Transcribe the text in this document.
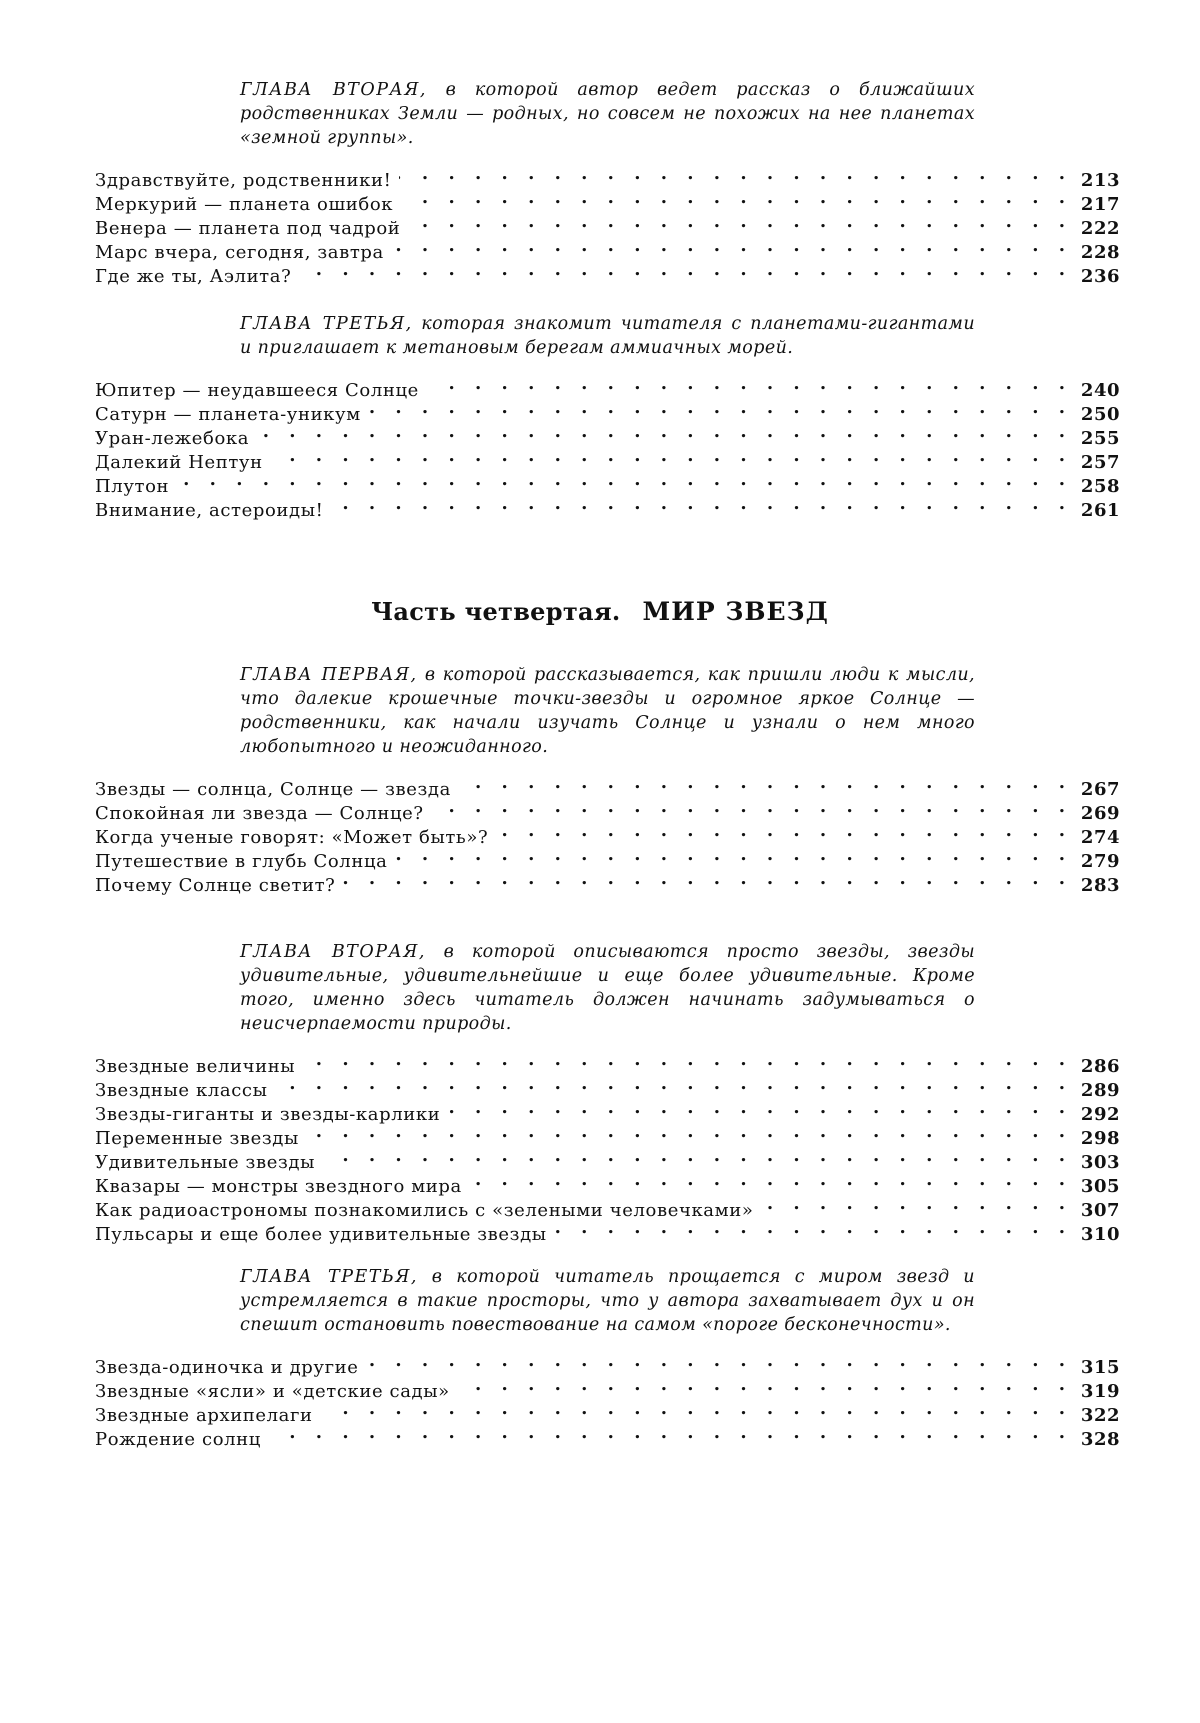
ГЛАВА ВТОРАЯ, в которой автор ведет рассказ о ближайших родственниках Земли — родных, но совсем не похожих на нее планетах «земной группы».

Здравствуйте, родственники! . . .	213
Меркурий — планета ошибок . . .	217
Венера — планета под чадрой . . .	222
Марс вчера, сегодня, завтра . . .	228
Где же ты, Аэлита? . . .	236

ГЛАВА ТРЕТЬЯ, которая знакомит читателя с планетами-гигантами и приглашает к метановым берегам аммиачных морей.

Юпитер — неудавшееся Солнце . . .	240
Сатурн — планета-уникум . . .	250
Уран-лежебока . . .	255
Далекий Нептун . . .	257
Плутон . . .	258
Внимание, астероиды! . . .	261
Часть четвертая. МИР ЗВЕЗД

ГЛАВА ПЕРВАЯ, в которой рассказывается, как пришли люди к мысли, что далекие крошечные точки-звезды и огромное яркое Солнце — родственники, как начали изучать Солнце и узнали о нем много любопытного и неожиданного.

Звезды — солнца, Солнце — звезда . . .	267
Спокойная ли звезда — Солнце? . . .	269
Когда ученые говорят: «Может быть»? . . .	274
Путешествие в глубь Солнца . . .	279
Почему Солнце светит? . . .	283

ГЛАВА ВТОРАЯ, в которой описываются просто звезды, звезды удивительные, удивительнейшие и еще более удивительные. Кроме того, именно здесь читатель должен начинать задумываться о неисчерпаемости природы.

Звездные величины . . .	286
Звездные классы . . .	289
Звезды-гиганты и звезды-карлики . . .	292
Переменные звезды . . .	298
Удивительные звезды . . .	303
Квазары — монстры звездного мира . . .	305
Как радиоастрономы познакомились с «зелеными человечками» . . .	307
Пульсары и еще более удивительные звезды . . .	310

ГЛАВА ТРЕТЬЯ, в которой читатель прощается с миром звезд и устремляется в такие просторы, что у автора захватывает дух и он спешит остановить повествование на самом «пороге бесконечности».

Звезда-одиночка и другие . . .	315
Звездные «ясли» и «детские сады» . . .	319
Звездные архипелаги . . .	322
Рождение солнц . . .	328
